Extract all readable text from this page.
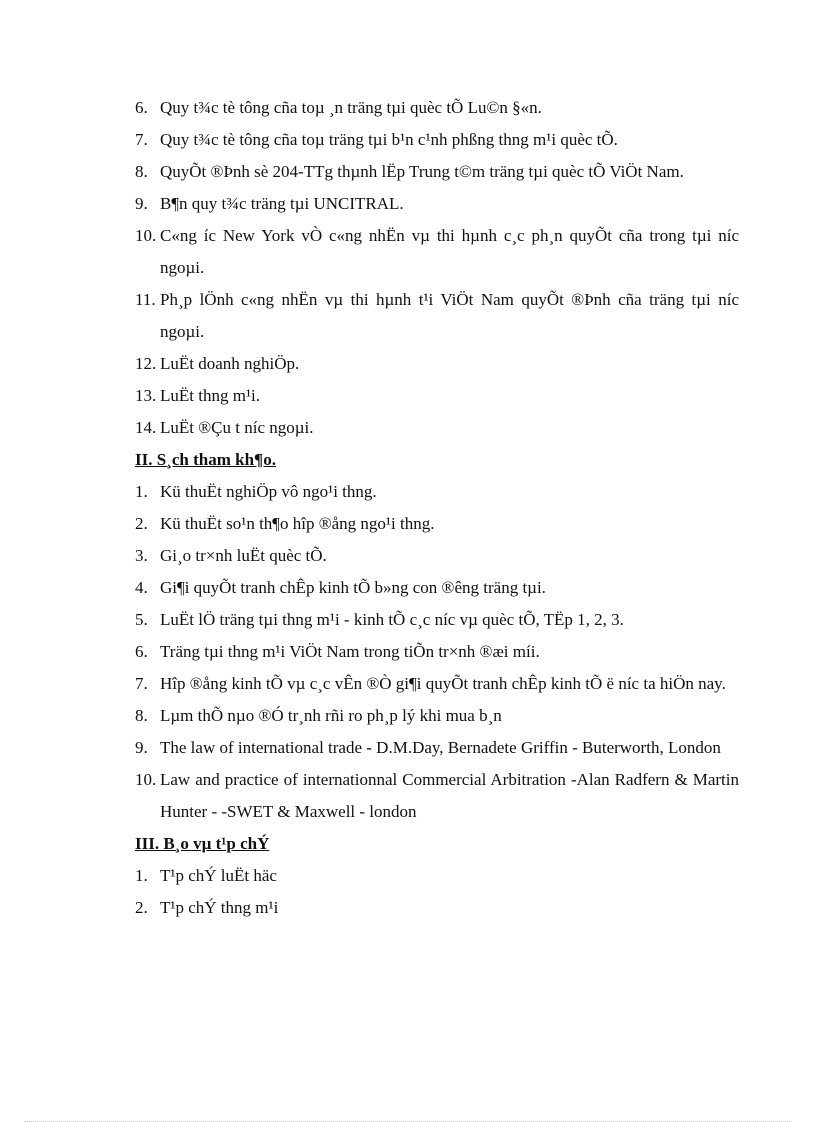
6. Quy t¾c tè tông cña toµ ¸n träng tµi quèc tÕ Lu©n §«n.
7. Quy t¾c tè tông cña toµ träng tµi b¹n c¹nh phßng thng m¹i quèc tÕ.
8. QuyÕt ®Þnh sè 204-TTg thµnh lËp Trung t©m träng tµi quèc tÕ ViÖt Nam.
9. B¶n quy t¾c träng tµi UNCITRAL.
10. C«ng íc New York vÒ c«ng nhËn vµ thi hµnh c¸c ph¸n quyÕt cña trong tµi níc ngoµi.
11. Ph¸p lÖnh c«ng nhËn vµ thi hµnh t¹i ViÖt Nam quyÕt ®Þnh cña träng tµi níc ngoµi.
12. LuËt doanh nghiÖp.
13. LuËt thng m¹i.
14. LuËt ®Çu t níc ngoµi.
II. S¸ch tham kh¶o.
1. Kü thuËt nghiÖp vô ngo¹i thng.
2. Kü thuËt so¹n th¶o hîp ®ång ngo¹i thng.
3. Gi¸o tr×nh luËt quèc tÕ.
4. Gi¶i quyÕt tranh chÊp kinh tÕ b»ng con ®êng träng tµi.
5. LuËt lÖ träng tµi thng m¹i - kinh tÕ c¸c níc vµ quèc tÕ, TËp 1, 2, 3.
6. Träng tµi thng m¹i ViÖt Nam trong tiÕn tr×nh ®æi míi.
7. Hîp ®ång kinh tÕ vµ c¸c vÊn ®Ò gi¶i quyÕt tranh chÊp kinh tÕ ë níc ta hiÖn nay.
8. Lµm thÕ nµo ®Ó tr¸nh rñi ro ph¸p lý khi mua b¸n
9. The law of international trade - D.M.Day, Bernadete Griffin - Buterworth, London
10. Law and practice of internationnal Commercial Arbitration -Alan Radfern & Martin Hunter - -SWET & Maxwell - london
III. B¸o vµ t¹p chÝ
1. T¹p chÝ luËt häc
2. T¹p chÝ thng m¹i
